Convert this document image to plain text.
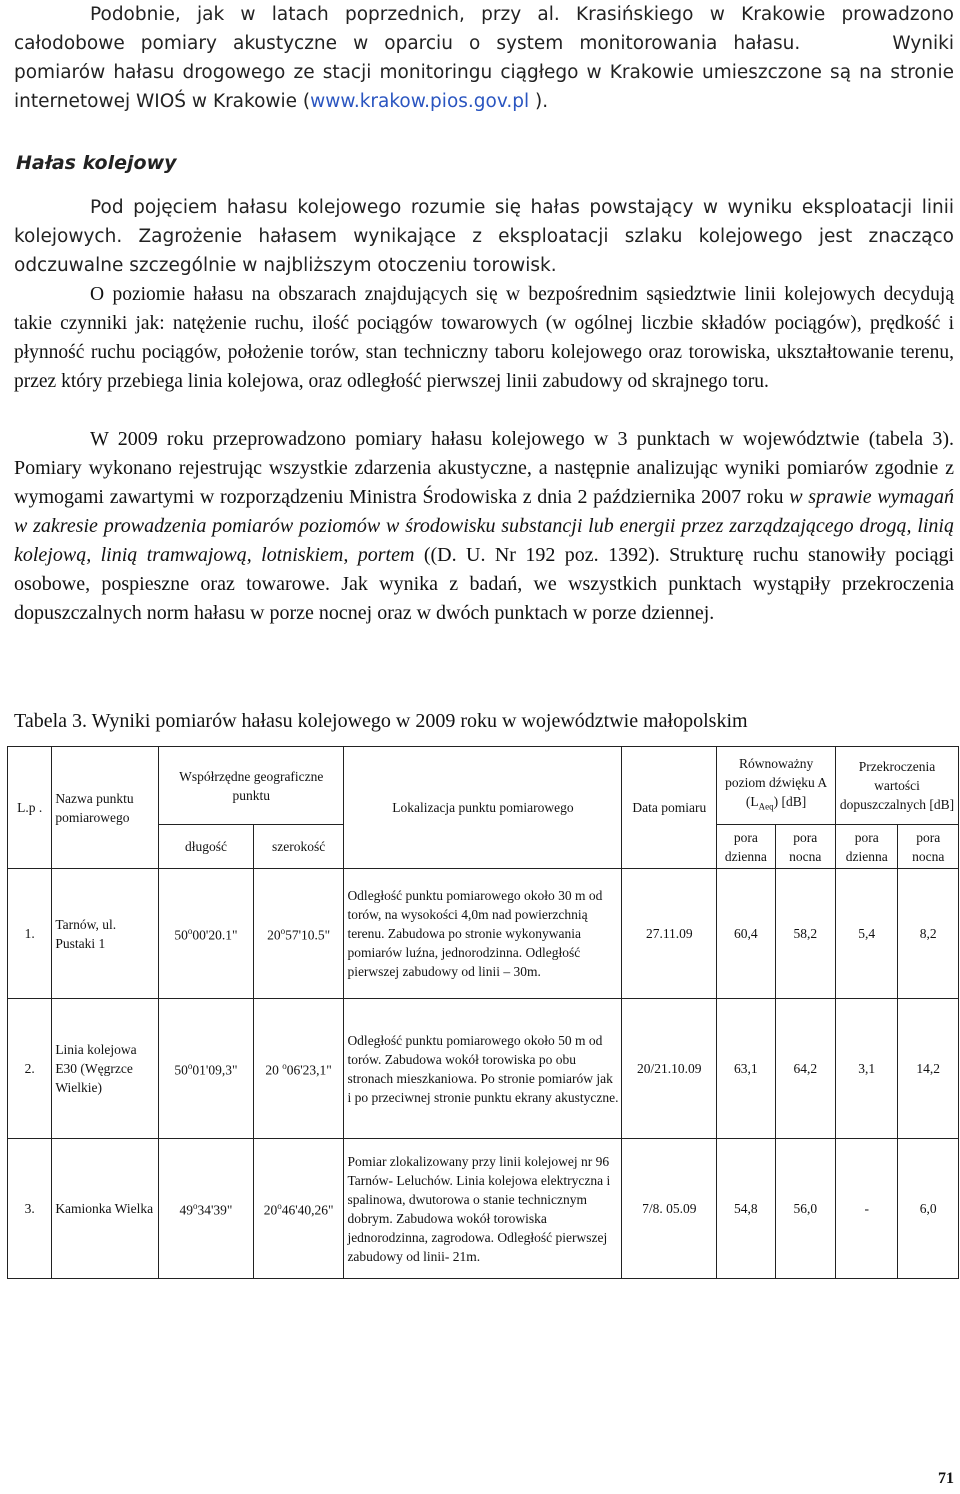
Podobnie, jak w latach poprzednich, przy al. Krasińskiego w Krakowie prowadzono całodobowe pomiary akustyczne w oparciu o system monitorowania hałasu.	Wyniki pomiarów hałasu drogowego ze stacji monitoringu ciągłego w Krakowie umieszczone są na stronie internetowej WIOŚ w Krakowie (www.krakow.pios.gov.pl ).
Hałas kolejowy
Pod pojęciem hałasu kolejowego rozumie się hałas powstający w wyniku eksploatacji linii kolejowych. Zagrożenie hałasem wynikające z eksploatacji szlaku kolejowego jest znacząco odczuwalne szczególnie w najbliższym otoczeniu torowisk.
O poziomie hałasu na obszarach znajdujących się w bezpośrednim sąsiedztwie linii kolejowych decydują takie czynniki jak: natężenie ruchu, ilość pociągów towarowych (w ogólnej liczbie składów pociągów), prędkość i płynność ruchu pociągów, położenie torów, stan techniczny taboru kolejowego oraz torowiska, ukształtowanie terenu, przez który przebiega linia kolejowa, oraz odległość pierwszej linii zabudowy od skrajnego toru.
W 2009 roku przeprowadzono pomiary hałasu kolejowego w 3 punktach w województwie (tabela 3). Pomiary wykonano rejestrując wszystkie zdarzenia akustyczne, a następnie analizując wyniki pomiarów zgodnie z wymogami zawartymi w rozporządzeniu Ministra Środowiska z dnia 2 października 2007 roku w sprawie wymagań w zakresie prowadzenia pomiarów poziomów w środowisku substancji lub energii przez zarządzającego drogą, linią kolejową, linią tramwajową, lotniskiem, portem ((D. U. Nr 192 poz. 1392). Strukturę ruchu stanowiły pociągi osobowe, pospieszne oraz towarowe. Jak wynika z badań, we wszystkich punktach wystąpiły przekroczenia dopuszczalnych norm hałasu w porze nocnej oraz w dwóch punktach w porze dziennej.
Tabela 3. Wyniki pomiarów hałasu kolejowego w 2009 roku w województwie małopolskim
L.p .	Nazwa punktu pomiarowego	Współrzędne geograficzne punktu		Lokalizacja punktu pomiarowego	Data pomiaru	Równoważny poziom dźwięku A $(L_{Aeq})$ [dB]		Przekroczenia wartości dopuszczalnych [dB]	
		długość	szerokość			pora dzienna	pora nocna	pora dzienna	pora nocna
1.	Tarnów, ul. Pustaki 1	50$^o$00'20.1"	20$^o$57'10.5"	Odległość punktu pomiarowego około 30 m od torów, na wysokości 4,0m nad powierzchnią terenu. Zabudowa po stronie wykonywania pomiarów luźna, jednorodzinna. Odległość pierwszej zabudowy od linii – 30m.	27.11.09	60,4	58,2	5,4	8,2
2.	Linia kolejowa E30 (Węgrzce Wielkie)	50$^o$01'09,3"	20 $^o$06'23,1"	Odległość punktu pomiarowego około 50 m od torów. Zabudowa wokół torowiska po obu stronach mieszkaniowa. Po stronie pomiarów jak i po przeciwnej stronie punktu ekrany akustyczne.	20/21.10.09	63,1	64,2	3,1	14,2
3.	Kamionka Wielka	49$^o$34'39"	20$^o$46'40,26"	Pomiar zlokalizowany przy linii kolejowej nr 96 Tarnów- Leluchów. Linia kolejowa elektryczna i spalinowa, dwutorowa o stanie technicznym dobrym. Zabudowa wokół torowiska jednorodzinna, zagrodowa. Odległość pierwszej zabudowy od linii- 21m.	7/8. 05.09	54,8	56,0	-	6,0
71
